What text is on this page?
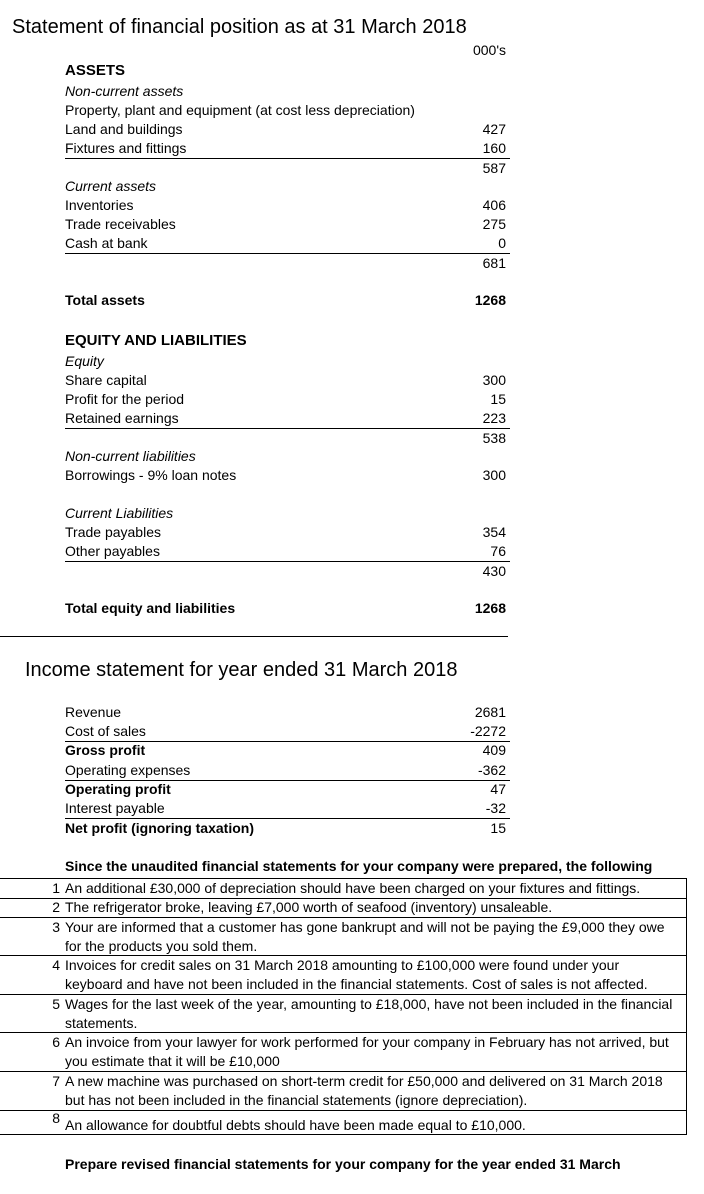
Statement of financial position as at 31 March 2018
000's
ASSETS
Non-current assets
Property, plant and equipment (at cost less depreciation)
Land and buildings	427
Fixtures and fittings	160
587
Current assets
Inventories	406
Trade receivables	275
Cash at bank	0
681
Total assets	1268
EQUITY AND LIABILITIES
Equity
Share capital	300
Profit for the period	15
Retained earnings	223
538
Non-current liabilities
Borrowings - 9% loan notes	300
Current Liabilities
Trade payables	354
Other payables	76
430
Total equity and liabilities	1268
Income statement for year ended 31 March 2018
Revenue	2681
Cost of sales	-2272
Gross profit	409
Operating expenses	-362
Operating profit	47
Interest payable	-32
Net profit (ignoring taxation)	15
Since the unaudited financial statements for your company were prepared, the following
1 An additional £30,000 of depreciation should have been charged on your fixtures and fittings.
2 The refrigerator broke, leaving £7,000 worth of seafood (inventory) unsaleable.
3 Your are informed that a customer has gone bankrupt and will not be paying the £9,000 they owe for the products you sold them.
4 Invoices for credit sales on 31 March 2018 amounting to £100,000 were found under your keyboard and have not been included in the financial statements. Cost of sales is not affected.
5 Wages for the last week of the year, amounting to £18,000, have not been included in the financial statements.
6 An invoice from your lawyer for work performed for your company in February has not arrived, but you estimate that it will be £10,000
7 A new machine was purchased on short-term credit for £50,000 and delivered on 31 March 2018 but has not been included in the financial statements (ignore depreciation).
8 An allowance for doubtful debts should have been made equal to £10,000.
Prepare revised financial statements for your company for the year ended 31 March
